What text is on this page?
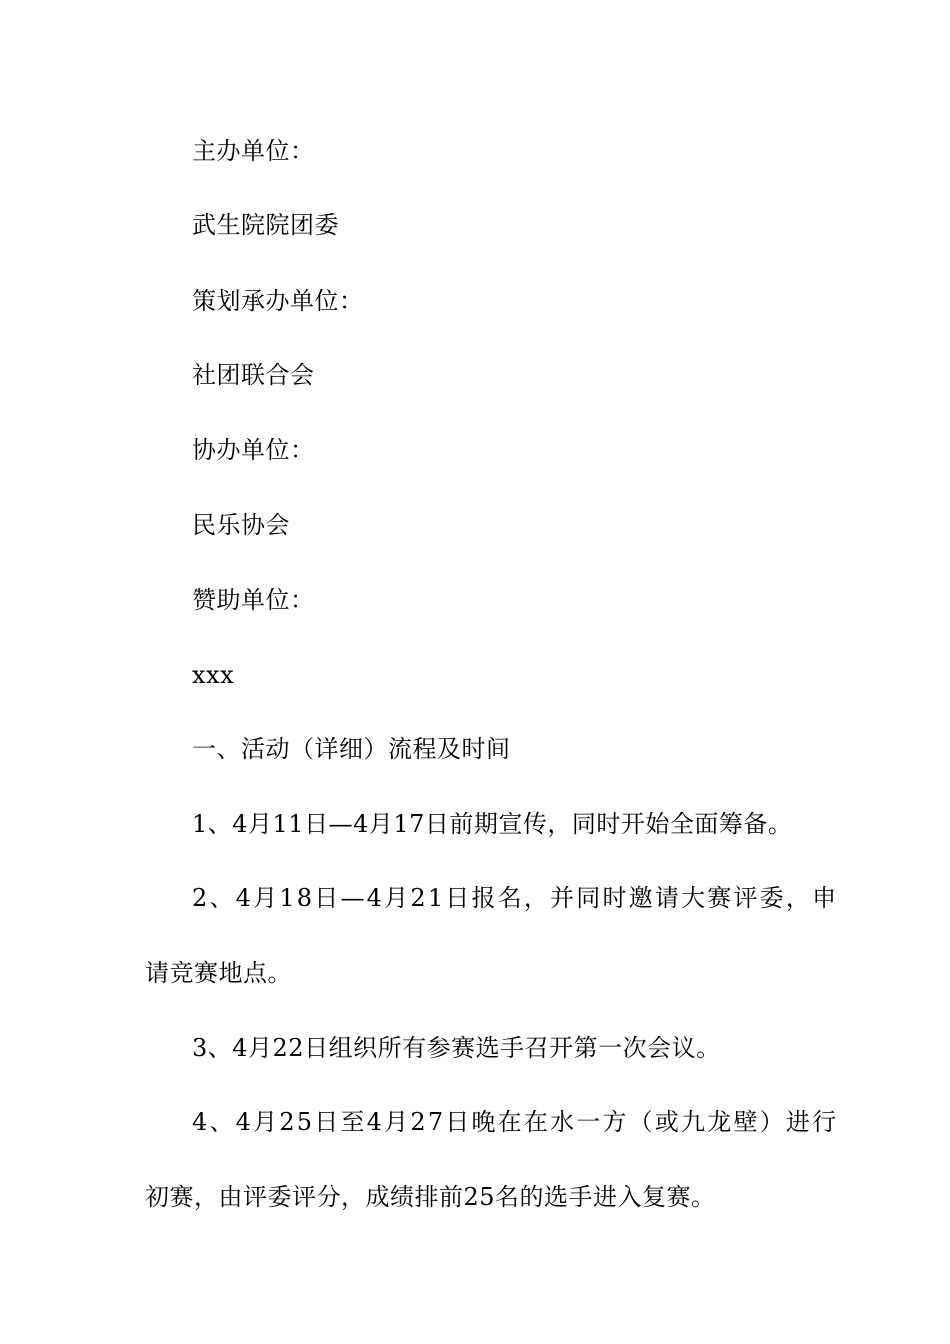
主办单位：
武生院院团委
策划承办单位：
社团联合会
协办单位：
民乐协会
赞助单位：
xxx
一、活动（详细）流程及时间
1、4月11日—4月17日前期宣传，同时开始全面筹备。
2、4月18日—4月21日报名，并同时邀请大赛评委，申
请竞赛地点。
3、4月22日组织所有参赛选手召开第一次会议。
4、4月25日至4月27日晚在在水一方（或九龙壁）进行
初赛，由评委评分，成绩排前25名的选手进入复赛。
